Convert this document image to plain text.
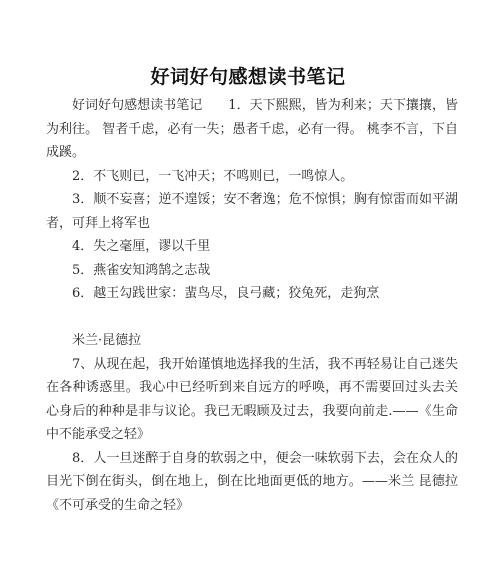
好词好句感想读书笔记

好词好句感想读书笔记 1．天下熙熙，皆为利来；天下攘攘，皆为利往。 智者千虑，必有一失；愚者千虑，必有一得。 桃李不言，下自成蹊。

2．不飞则已，一飞冲天；不鸣则已，一鸣惊人。

3．顺不妄喜；逆不遑馁；安不奢逸；危不惊惧；胸有惊雷而如平湖者，可拜上将军也

4．失之毫厘，谬以千里

5．燕雀安知鸿鹄之志哉

6．越王勾践世家：蜚鸟尽，良弓藏；狡兔死，走狗烹

米兰·昆德拉

7、从现在起，我开始谨慎地选择我的生活，我不再轻易让自己迷失在各种诱惑里。我心中已经听到来自远方的呼唤，再不需要回过头去关心身后的种种是非与议论。我已无暇顾及过去，我要向前走.——《生命中不能承受之轻》

8．人一旦迷醉于自身的软弱之中，便会一味软弱下去，会在众人的目光下倒在街头，倒在地上，倒在比地面更低的地方。——米兰 昆德拉《不可承受的生命之轻》
